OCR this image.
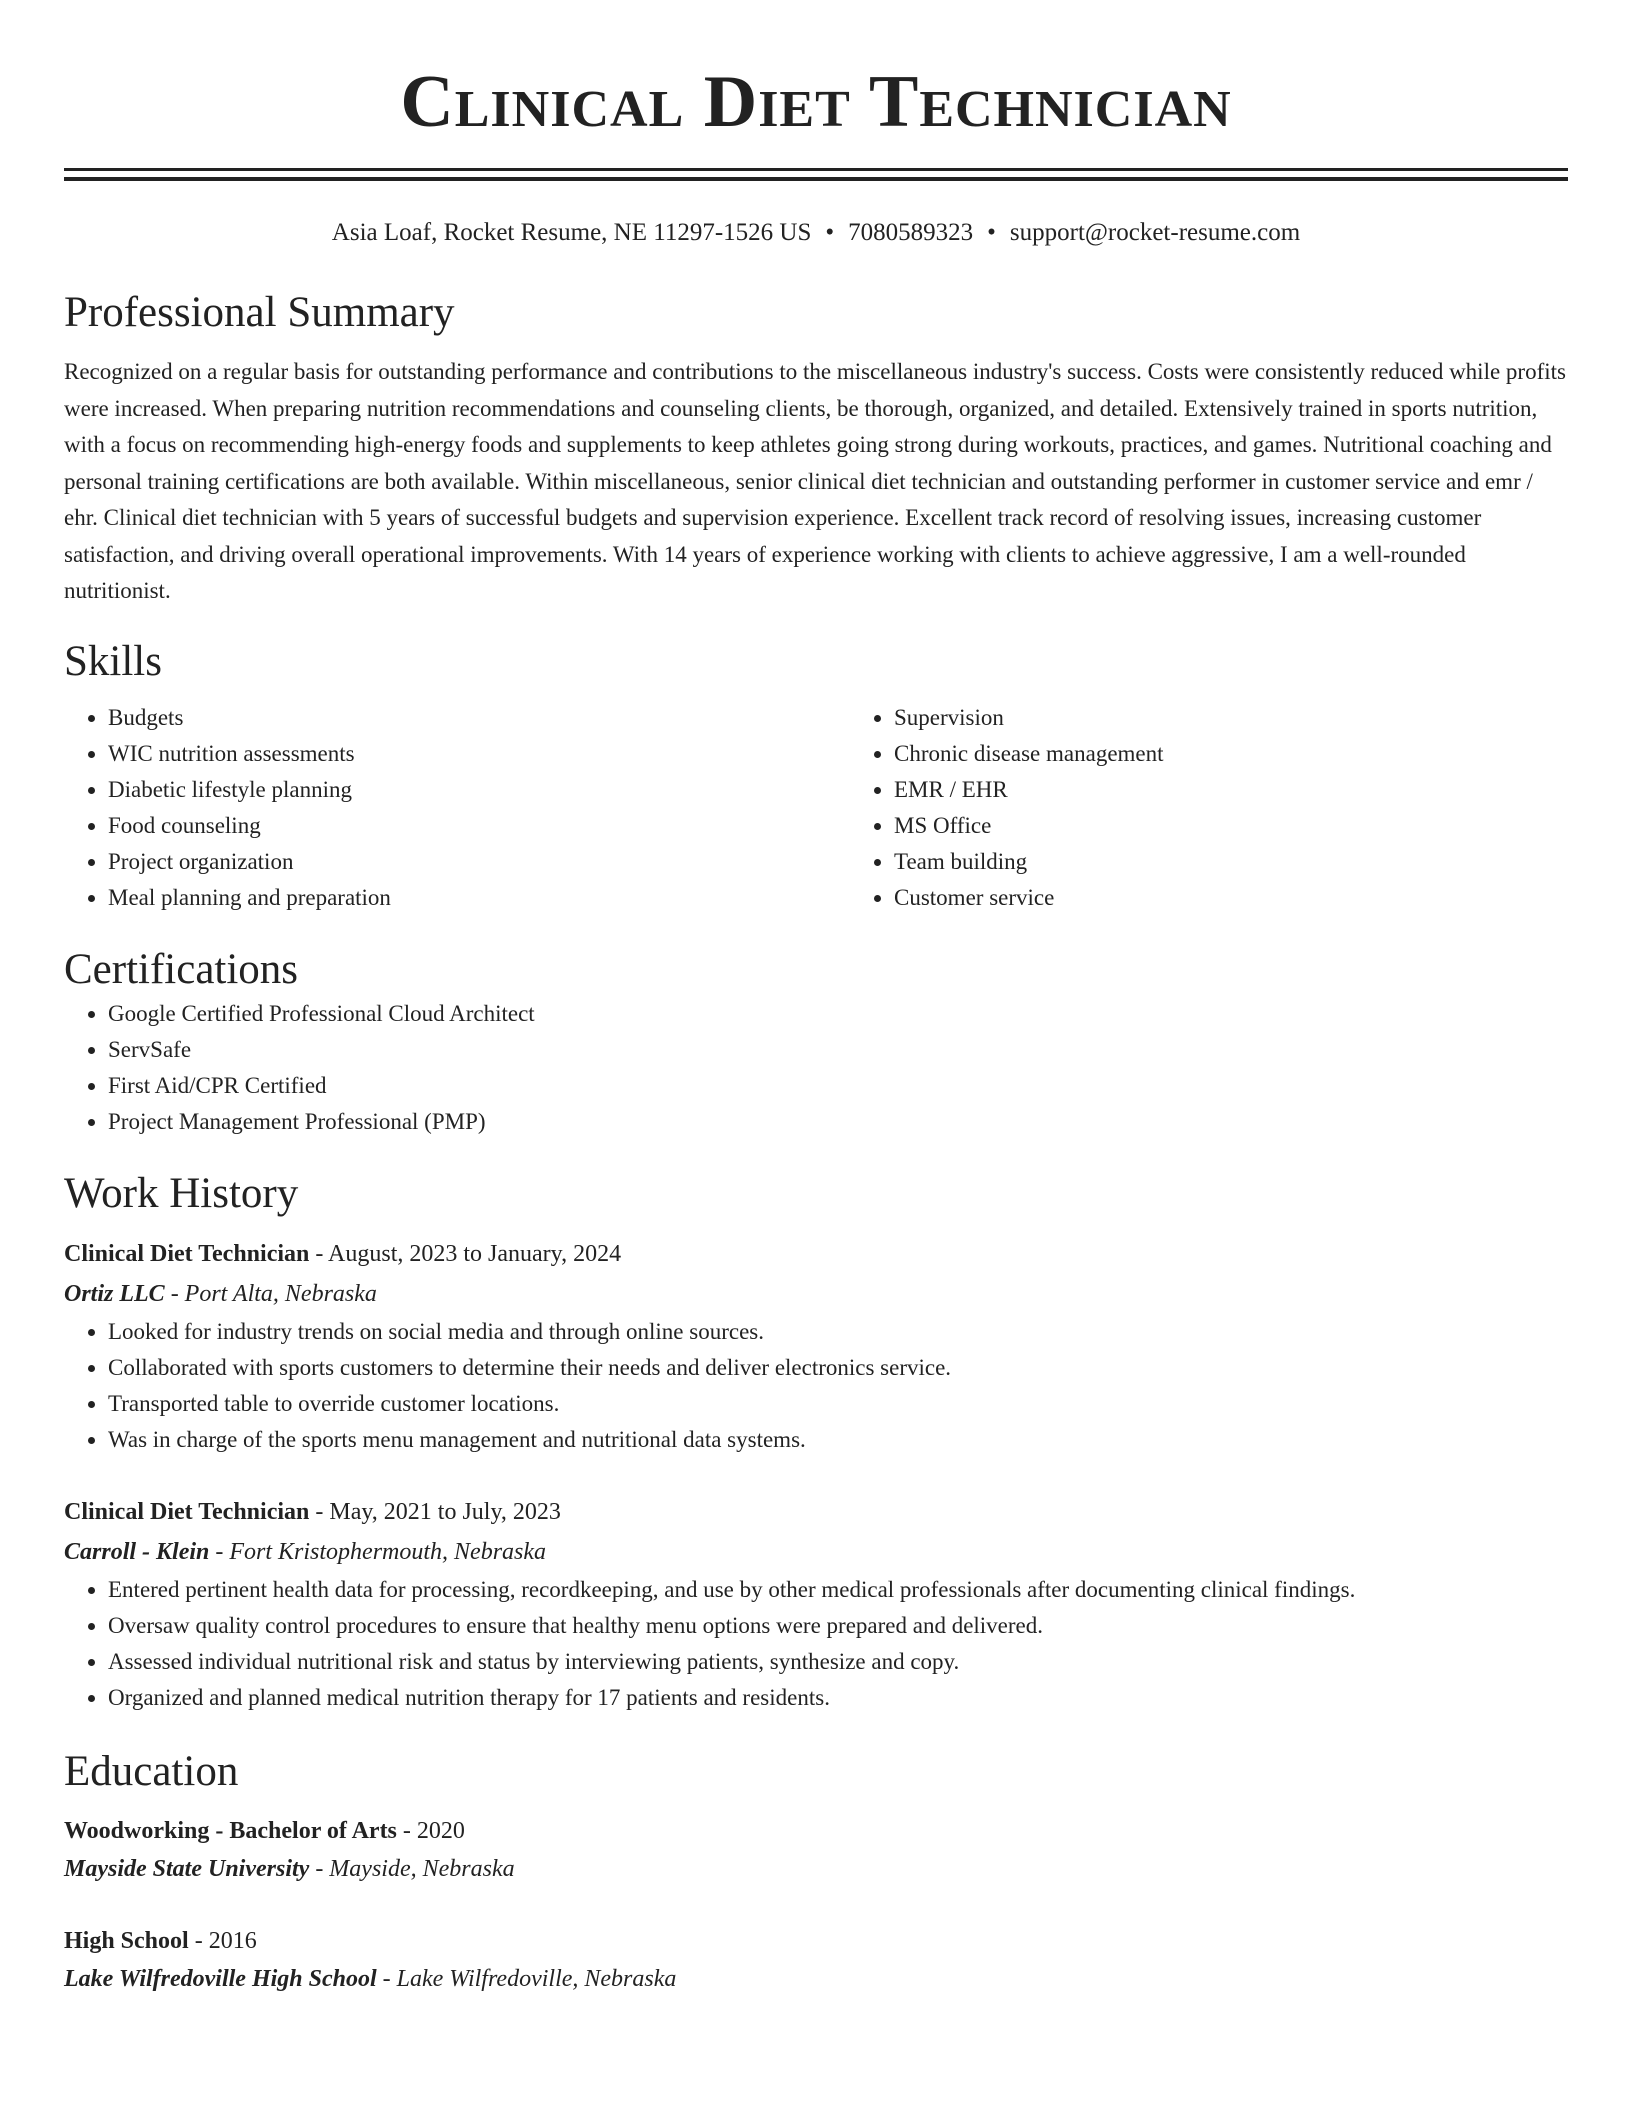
Clinical Diet Technician
Asia Loaf, Rocket Resume, NE 11297-1526 US • 7080589323 • support@rocket-resume.com
Professional Summary
Recognized on a regular basis for outstanding performance and contributions to the miscellaneous industry's success. Costs were consistently reduced while profits were increased. When preparing nutrition recommendations and counseling clients, be thorough, organized, and detailed. Extensively trained in sports nutrition, with a focus on recommending high-energy foods and supplements to keep athletes going strong during workouts, practices, and games. Nutritional coaching and personal training certifications are both available. Within miscellaneous, senior clinical diet technician and outstanding performer in customer service and emr / ehr. Clinical diet technician with 5 years of successful budgets and supervision experience. Excellent track record of resolving issues, increasing customer satisfaction, and driving overall operational improvements. With 14 years of experience working with clients to achieve aggressive, I am a well-rounded nutritionist.
Skills
• Budgets
• WIC nutrition assessments
• Diabetic lifestyle planning
• Food counseling
• Project organization
• Meal planning and preparation
• Supervision
• Chronic disease management
• EMR / EHR
• MS Office
• Team building
• Customer service
Certifications
• Google Certified Professional Cloud Architect
• ServSafe
• First Aid/CPR Certified
• Project Management Professional (PMP)
Work History
Clinical Diet Technician - August, 2023 to January, 2024
Ortiz LLC - Port Alta, Nebraska
• Looked for industry trends on social media and through online sources.
• Collaborated with sports customers to determine their needs and deliver electronics service.
• Transported table to override customer locations.
• Was in charge of the sports menu management and nutritional data systems.
Clinical Diet Technician - May, 2021 to July, 2023
Carroll - Klein - Fort Kristophermouth, Nebraska
• Entered pertinent health data for processing, recordkeeping, and use by other medical professionals after documenting clinical findings.
• Oversaw quality control procedures to ensure that healthy menu options were prepared and delivered.
• Assessed individual nutritional risk and status by interviewing patients, synthesize and copy.
• Organized and planned medical nutrition therapy for 17 patients and residents.
Education
Woodworking - Bachelor of Arts - 2020
Mayside State University - Mayside, Nebraska
High School - 2016
Lake Wilfredoville High School - Lake Wilfredoville, Nebraska
